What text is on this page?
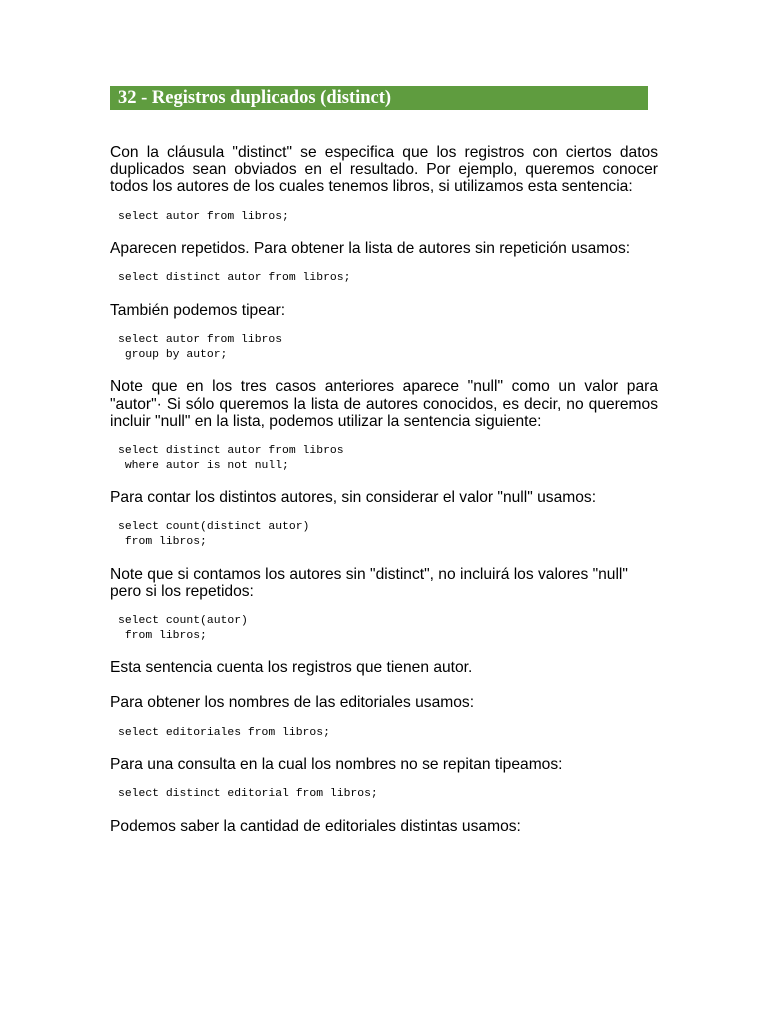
32 - Registros duplicados (distinct)

Con la cláusula "distinct" se especifica que los registros con ciertos datos duplicados sean obviados en el resultado. Por ejemplo, queremos conocer todos los autores de los cuales tenemos libros, si utilizamos esta sentencia:

select autor from libros;

Aparecen repetidos. Para obtener la lista de autores sin repetición usamos:

select distinct autor from libros;

También podemos tipear:

select autor from libros
group by autor;

Note que en los tres casos anteriores aparece "null" como un valor para "autor"· Si sólo queremos la lista de autores conocidos, es decir, no queremos incluir "null" en la lista, podemos utilizar la sentencia siguiente:

select distinct autor from libros
where autor is not null;

Para contar los distintos autores, sin considerar el valor "null" usamos:

select count(distinct autor)
from libros;

Note que si contamos los autores sin "distinct", no incluirá los valores "null" pero si los repetidos:

select count(autor)
from libros;

Esta sentencia cuenta los registros que tienen autor.

Para obtener los nombres de las editoriales usamos:

select editoriales from libros;

Para una consulta en la cual los nombres no se repitan tipeamos:

select distinct editorial from libros;

Podemos saber la cantidad de editoriales distintas usamos:
